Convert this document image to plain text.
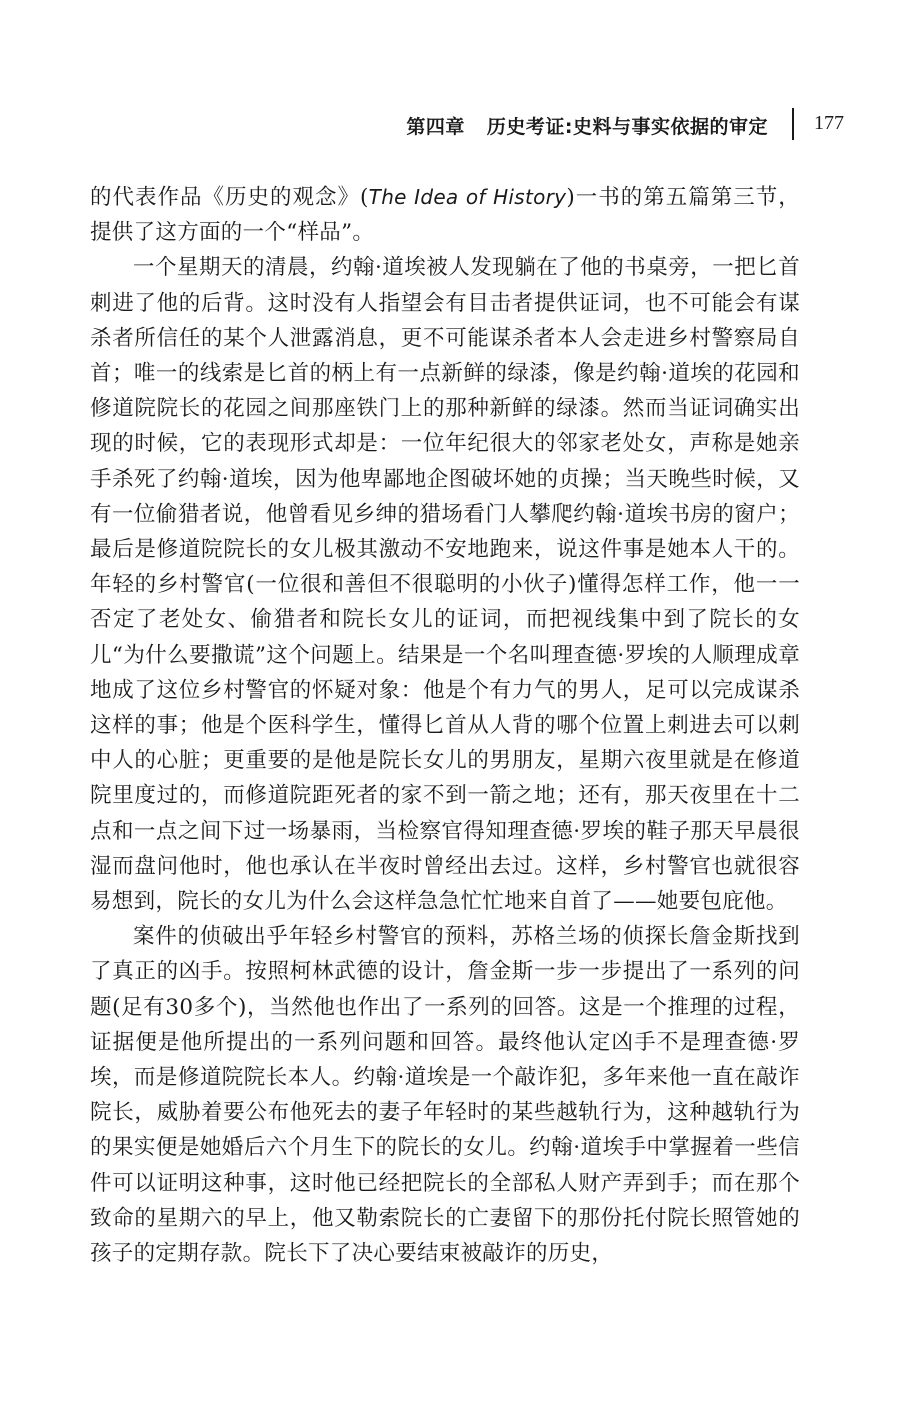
第四章 历史考证:史料与事实依据的审定 177

的代表作品《历史的观念》(The Idea of History)一书的第五篇第三节，提供了这方面的一个“样品”。

一个星期天的清晨，约翰·道埃被人发现躺在了他的书桌旁，一把匕首刺进了他的后背。这时没有人指望会有目击者提供证词，也不可能会有谋杀者所信任的某个人泄露消息，更不可能谋杀者本人会走进乡村警察局自首；唯一的线索是匕首的柄上有一点新鲜的绿漆，像是约翰·道埃的花园和修道院院长的花园之间那座铁门上的那种新鲜的绿漆。然而当证词确实出现的时候，它的表现形式却是：一位年纪很大的邻家老处女，声称是她亲手杀死了约翰·道埃，因为他卑鄙地企图破坏她的贞操；当天晚些时候，又有一位偷猎者说，他曾看见乡绅的猎场看门人攀爬约翰·道埃书房的窗户；最后是修道院院长的女儿极其激动不安地跑来，说这件事是她本人干的。年轻的乡村警官(一位很和善但不很聪明的小伙子)懂得怎样工作，他一一否定了老处女、偷猎者和院长女儿的证词，而把视线集中到了院长的女儿“为什么要撒谎”这个问题上。结果是一个名叫理查德·罗埃的人顺理成章地成了这位乡村警官的怀疑对象：他是个有力气的男人，足可以完成谋杀这样的事；他是个医科学生，懂得匕首从人背的哪个位置上刺进去可以刺中人的心脏；更重要的是他是院长女儿的男朋友，星期六夜里就是在修道院里度过的，而修道院距死者的家不到一箭之地；还有，那天夜里在十二点和一点之间下过一场暴雨，当检察官得知理查德·罗埃的鞋子那天早晨很湿而盘问他时，他也承认在半夜时曾经出去过。这样，乡村警官也就很容易想到，院长的女儿为什么会这样急急忙忙地来自首了——她要包庇他。

案件的侦破出乎年轻乡村警官的预料，苏格兰场的侦探长詹金斯找到了真正的凶手。按照柯林武德的设计，詹金斯一步一步提出了一系列的问题(足有30多个)，当然他也作出了一系列的回答。这是一个推理的过程，证据便是他所提出的一系列问题和回答。最终他认定凶手不是理查德·罗埃，而是修道院院长本人。约翰·道埃是一个敲诈犯，多年来他一直在敲诈院长，威胁着要公布他死去的妻子年轻时的某些越轨行为，这种越轨行为的果实便是她婚后六个月生下的院长的女儿。约翰·道埃手中掌握着一些信件可以证明这种事，这时他已经把院长的全部私人财产弄到手；而在那个致命的星期六的早上，他又勒索院长的亡妻留下的那份托付院长照管她的孩子的定期存款。院长下了决心要结束被敲诈的历史，
